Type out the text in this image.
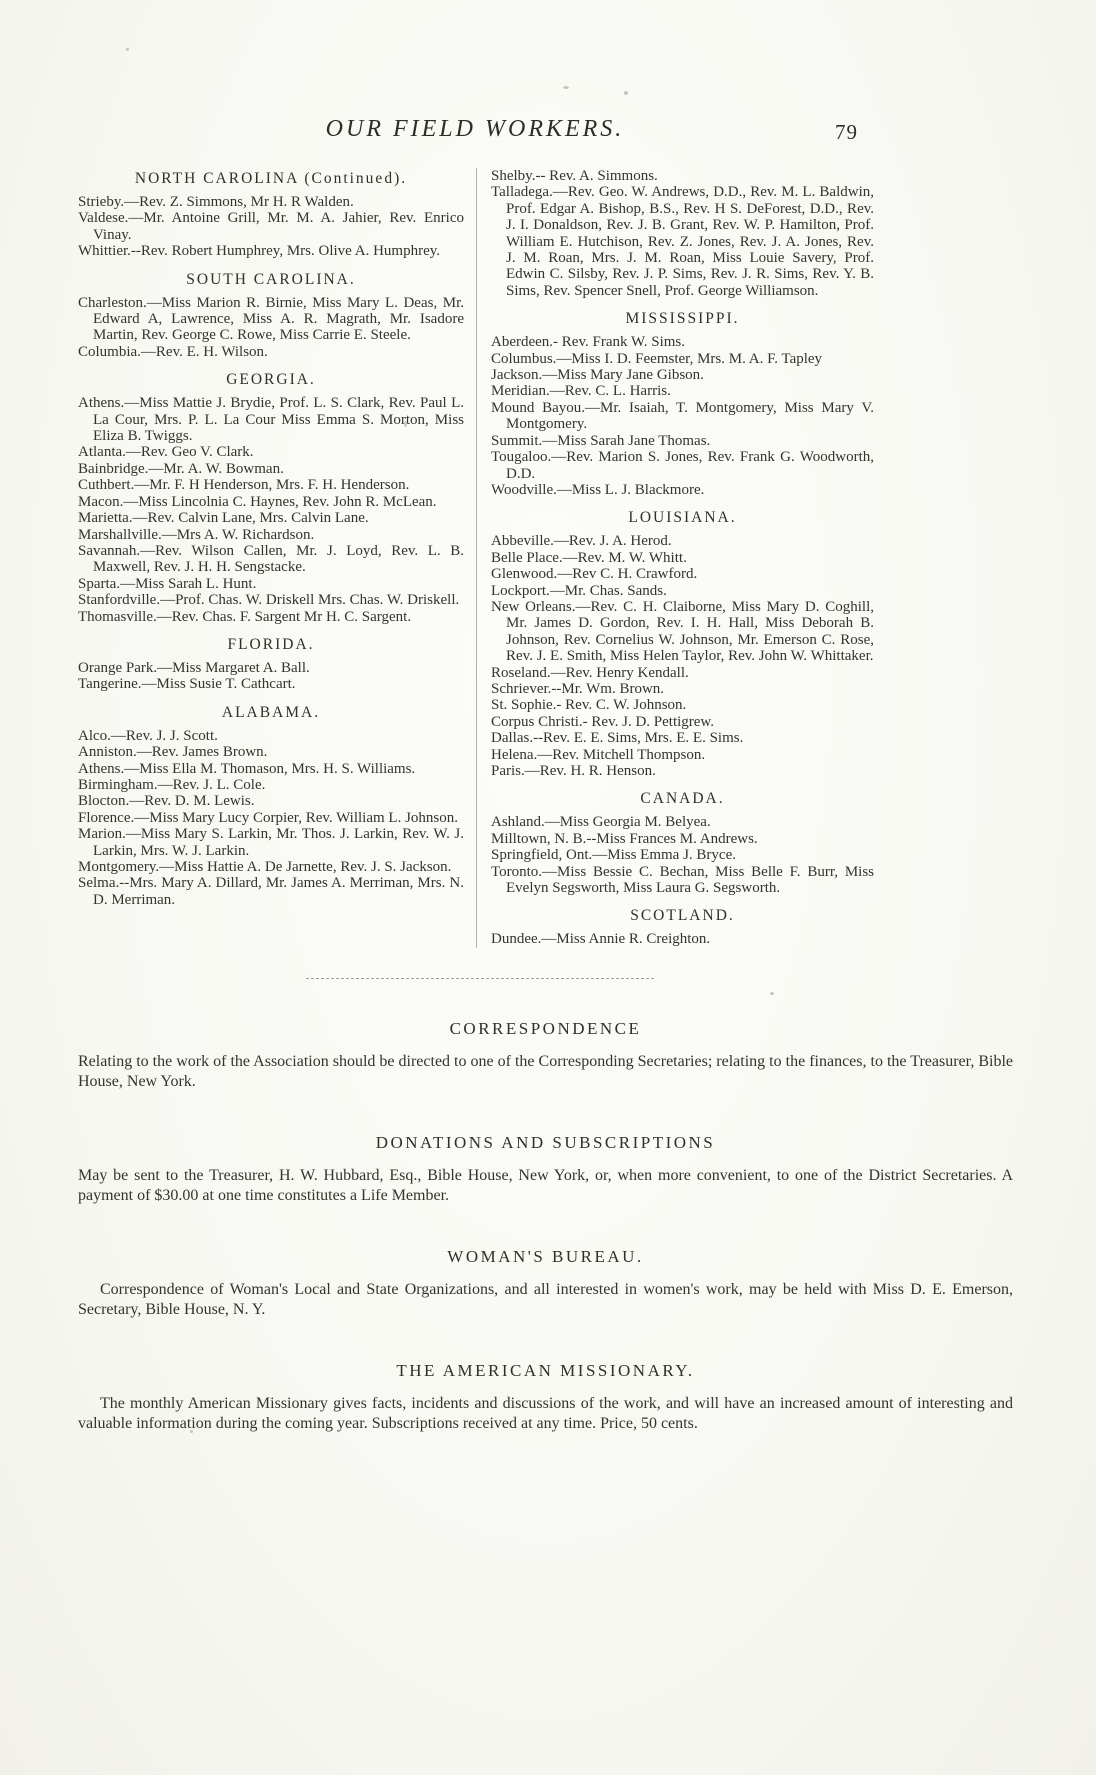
OUR FIELD WORKERS.	79
NORTH CAROLINA (Continued).

Strieby.—Rev. Z. Simmons, Mr H. R Walden.

Valdese.—Mr. Antoine Grill, Mr. M. A. Jahier, Rev. Enrico Vinay.

Whittier.--Rev. Robert Humphrey, Mrs. Olive A. Humphrey.

SOUTH CAROLINA.

Charleston.—Miss Marion R. Birnie, Miss Mary L. Deas, Mr. Edward A, Lawrence, Miss A. R. Magrath, Mr. Isadore Martin, Rev. George C. Rowe, Miss Carrie E. Steele.

Columbia.—Rev. E. H. Wilson.

GEORGIA.

Athens.—Miss Mattie J. Brydie, Prof. L. S. Clark, Rev. Paul L. La Cour, Mrs. P. L. La Cour Miss Emma S. Morton, Miss Eliza B. Twiggs.

Atlanta.—Rev. Geo V. Clark.

Bainbridge.—Mr. A. W. Bowman.

Cuthbert.—Mr. F. H Henderson, Mrs. F. H. Henderson.

Macon.—Miss Lincolnia C. Haynes, Rev. John R. McLean.

Marietta.—Rev. Calvin Lane, Mrs. Calvin Lane.

Marshallville.—Mrs A. W. Richardson.

Savannah.—Rev. Wilson Callen, Mr. J. Loyd, Rev. L. B. Maxwell, Rev. J. H. H. Sengstacke.

Sparta.—Miss Sarah L. Hunt.

Stanfordville.—Prof. Chas. W. Driskell Mrs. Chas. W. Driskell.

Thomasville.—Rev. Chas. F. Sargent Mr H. C. Sargent.

FLORIDA.

Orange Park.—Miss Margaret A. Ball.

Tangerine.—Miss Susie T. Cathcart.

ALABAMA.

Alco.—Rev. J. J. Scott.

Anniston.—Rev. James Brown.

Athens.—Miss Ella M. Thomason, Mrs. H. S. Williams.

Birmingham.—Rev. J. L. Cole.

Blocton.—Rev. D. M. Lewis.

Florence.—Miss Mary Lucy Corpier, Rev. William L. Johnson.

Marion.—Miss Mary S. Larkin, Mr. Thos. J. Larkin, Rev. W. J. Larkin, Mrs. W. J. Larkin.

Montgomery.—Miss Hattie A. De Jarnette, Rev. J. S. Jackson.

Selma.--Mrs. Mary A. Dillard, Mr. James A. Merriman, Mrs. N. D. Merriman.

Shelby.-- Rev. A. Simmons.

Talladega.—Rev. Geo. W. Andrews, D.D., Rev. M. L. Baldwin, Prof. Edgar A. Bishop, B.S., Rev. H S. DeForest, D.D., Rev. J. I. Donaldson, Rev. J. B. Grant, Rev. W. P. Hamilton, Prof. William E. Hutchison, Rev. Z. Jones, Rev. J. A. Jones, Rev. J. M. Roan, Mrs. J. M. Roan, Miss Louie Savery, Prof. Edwin C. Silsby, Rev. J. P. Sims, Rev. J. R. Sims, Rev. Y. B. Sims, Rev. Spencer Snell, Prof. George Williamson.

MISSISSIPPI.

Aberdeen.- Rev. Frank W. Sims.

Columbus.—Miss I. D. Feemster, Mrs. M. A. F. Tapley

Jackson.—Miss Mary Jane Gibson.

Meridian.—Rev. C. L. Harris.

Mound Bayou.—Mr. Isaiah, T. Montgomery, Miss Mary V. Montgomery.

Summit.—Miss Sarah Jane Thomas.

Tougaloo.—Rev. Marion S. Jones, Rev. Frank G. Woodworth, D.D.

Woodville.—Miss L. J. Blackmore.

LOUISIANA.

Abbeville.—Rev. J. A. Herod.

Belle Place.—Rev. M. W. Whitt.

Glenwood.—Rev C. H. Crawford.

Lockport.—Mr. Chas. Sands.

New Orleans.—Rev. C. H. Claiborne, Miss Mary D. Coghill, Mr. James D. Gordon, Rev. I. H. Hall, Miss Deborah B. Johnson, Rev. Cornelius W. Johnson, Mr. Emerson C. Rose, Rev. J. E. Smith, Miss Helen Taylor, Rev. John W. Whittaker.

Roseland.—Rev. Henry Kendall.

Schriever.--Mr. Wm. Brown.

St. Sophie.- Rev. C. W. Johnson.

Corpus Christi.- Rev. J. D. Pettigrew.

Dallas.--Rev. E. E. Sims, Mrs. E. E. Sims.

Helena.—Rev. Mitchell Thompson.

Paris.—Rev. H. R. Henson.

CANADA.

Ashland.—Miss Georgia M. Belyea.

Milltown, N. B.--Miss Frances M. Andrews.

Springfield, Ont.—Miss Emma J. Bryce.

Toronto.—Miss Bessie C. Bechan, Miss Belle F. Burr, Miss Evelyn Segsworth, Miss Laura G. Segsworth.

SCOTLAND.

Dundee.—Miss Annie R. Creighton.

CORRESPONDENCE

Relating to the work of the Association should be directed to one of the Corresponding Secretaries; relating to the finances, to the Treasurer, Bible House, New York.

DONATIONS AND SUBSCRIPTIONS

May be sent to the Treasurer, H. W. Hubbard, Esq., Bible House, New York, or, when more convenient, to one of the District Secretaries. A payment of $30.00 at one time constitutes a Life Member.

WOMAN'S BUREAU.

Correspondence of Woman's Local and State Organizations, and all interested in women's work, may be held with Miss D. E. Emerson, Secretary, Bible House, N. Y.

THE AMERICAN MISSIONARY.

The monthly American Missionary gives facts, incidents and discussions of the work, and will have an increased amount of interesting and valuable information during the coming year. Subscriptions received at any time. Price, 50 cents.
